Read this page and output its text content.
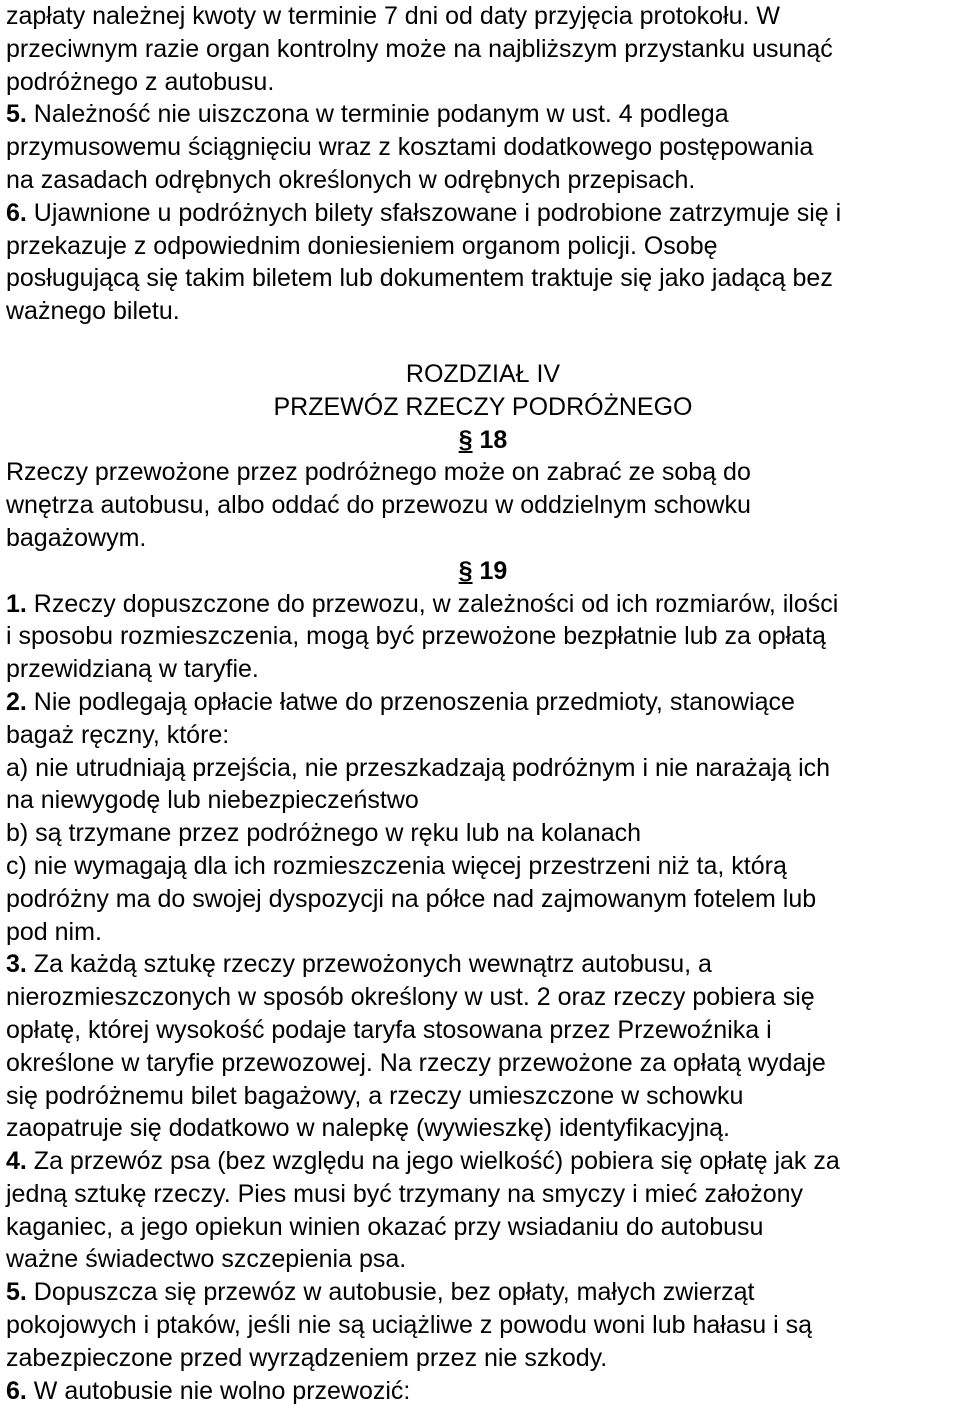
zapłaty należnej kwoty w terminie 7 dni od daty przyjęcia protokołu. W
przeciwnym razie organ kontrolny może na najbliższym przystanku usunąć
podróżnego z autobusu.

5. Należność nie uiszczona w terminie podanym w ust. 4 podlega
przymusowemu ściągnięciu wraz z kosztami dodatkowego postępowania
na zasadach odrębnych określonych w odrębnych przepisach.

6. Ujawnione u podróżnych bilety sfałszowane i podrobione zatrzymuje się i
przekazuje z odpowiednim doniesieniem organom policji. Osobę
posługującą się takim biletem lub dokumentem traktuje się jako jadącą bez
ważnego biletu.

ROZDZIAŁ IV
PRZEWÓZ RZECZY PODRÓŻNEGO

§ 18

Rzeczy przewożone przez podróżnego może on zabrać ze sobą do
wnętrza autobusu, albo oddać do przewozu w oddzielnym schowku
bagażowym.

§ 19

1. Rzeczy dopuszczone do przewozu, w zależności od ich rozmiarów, ilości
i sposobu rozmieszczenia, mogą być przewożone bezpłatnie lub za opłatą
przewidzianą w taryfie.

2. Nie podlegają opłacie łatwe do przenoszenia przedmioty, stanowiące
bagaż ręczny, które:
a) nie utrudniają przejścia, nie przeszkadzają podróżnym i nie narażają ich
na niewygodę lub niebezpieczeństwo
b) są trzymane przez podróżnego w ręku lub na kolanach
c) nie wymagają dla ich rozmieszczenia więcej przestrzeni niż ta, którą
podróżny ma do swojej dyspozycji na półce nad zajmowanym fotelem lub
pod nim.

3. Za każdą sztukę rzeczy przewożonych wewnątrz autobusu, a
nierozmieszczonych w sposób określony w ust. 2 oraz rzeczy pobiera się
opłatę, której wysokość podaje taryfa stosowana przez Przewoźnika i
określone w taryfie przewozowej. Na rzeczy przewożone za opłatą wydaje
się podróżnemu bilet bagażowy, a rzeczy umieszczone w schowku
zaopatruje się dodatkowo w nalepkę (wywieszkę) identyfikacyjną.

4. Za przewóz psa (bez względu na jego wielkość) pobiera się opłatę jak za
jedną sztukę rzeczy. Pies musi być trzymany na smyczy i mieć założony
kaganiec, a jego opiekun winien okazać przy wsiadaniu do autobusu
ważne świadectwo szczepienia psa.

5. Dopuszcza się przewóz w autobusie, bez opłaty, małych zwierząt
pokojowych i ptaków, jeśli nie są uciążliwe z powodu woni lub hałasu i są
zabezpieczone przed wyrządzeniem przez nie szkody.

6. W autobusie nie wolno przewozić:
